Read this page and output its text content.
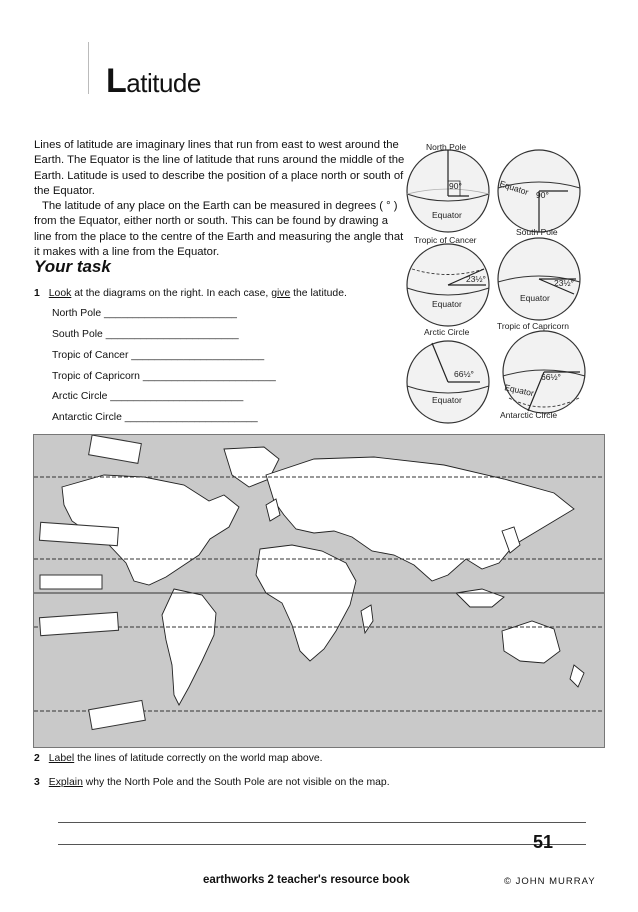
Latitude

Lines of latitude are imaginary lines that run from east to west around the Earth. The Equator is the line of latitude that runs around the middle of the Earth. Latitude is used to describe the position of a place north or south of the Equator.

The latitude of any place on the Earth can be measured in degrees ( ° ) from the Equator, either north or south. This can be found by drawing a line from the place to the centre of the Earth and measuring the angle that it makes with a line from the Equator.

Your task
1 Look at the diagrams on the right. In each case, give the latitude.
North Pole _______________________
South Pole _______________________
Tropic of Cancer _______________________
Tropic of Capricorn _______________________
Arctic Circle _______________________
Antarctic Circle _______________________
90°
Equator
North Pole
Equator 90°
South Pole
23½°
Equator
Tropic of Cancer
23½°
Equator
Tropic of Capricorn
66½°
Equator
Arctic Circle
66½°
Equator
Antarctic Circle
2 Label the lines of latitude correctly on the world map above.
3 Explain why the North Pole and the South Pole are not visible on the map.
51
earthworks 2 teacher's resource book	© JOHN MURRAY
